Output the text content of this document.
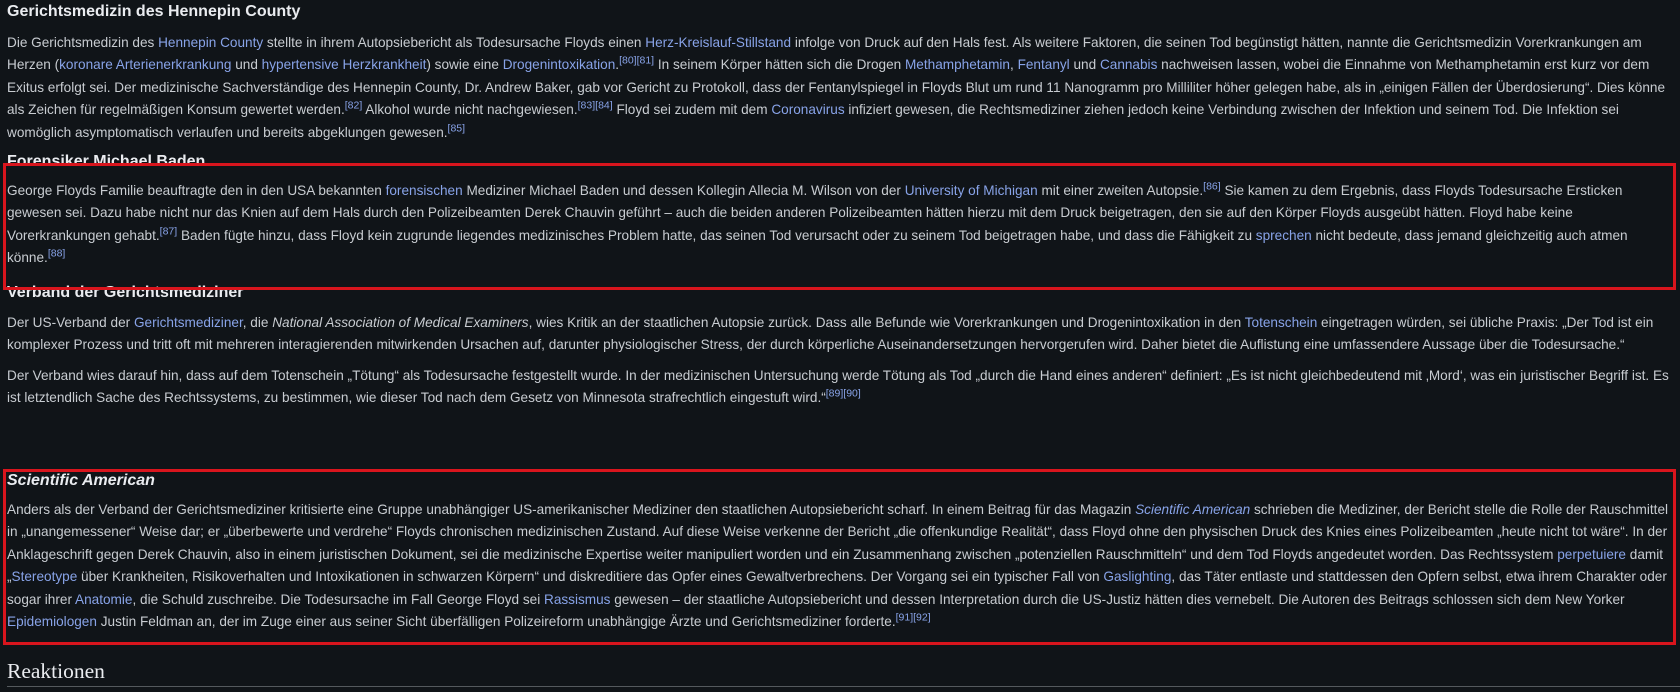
Gerichtsmedizin des Hennepin County

Die Gerichtsmedizin des Hennepin County stellte in ihrem Autopsiebericht als Todesursache Floyds einen Herz-Kreislauf-Stillstand infolge von Druck auf den Hals fest. Als weitere Faktoren, die seinen Tod begünstigt hätten, nannte die Gerichtsmedizin Vorerkrankungen am Herzen (koronare Arterienerkrankung und hypertensive Herzkrankheit) sowie eine Drogenintoxikation.[80][81] In seinem Körper hätten sich die Drogen Methamphetamin, Fentanyl und Cannabis nachweisen lassen, wobei die Einnahme von Methamphetamin erst kurz vor dem Exitus erfolgt sei. Der medizinische Sachverständige des Hennepin County, Dr. Andrew Baker, gab vor Gericht zu Protokoll, dass der Fentanylspiegel in Floyds Blut um rund 11 Nanogramm pro Milliliter höher gelegen habe, als in „einigen Fällen der Überdosierung“. Dies könne als Zeichen für regelmäßigen Konsum gewertet werden.[82] Alkohol wurde nicht nachgewiesen.[83][84] Floyd sei zudem mit dem Coronavirus infiziert gewesen, die Rechtsmediziner ziehen jedoch keine Verbindung zwischen der Infektion und seinem Tod. Die Infektion sei womöglich asymptomatisch verlaufen und bereits abgeklungen gewesen.[85]

Forensiker Michael Baden

George Floyds Familie beauftragte den in den USA bekannten forensischen Mediziner Michael Baden und dessen Kollegin Allecia M. Wilson von der University of Michigan mit einer zweiten Autopsie.[86] Sie kamen zu dem Ergebnis, dass Floyds Todesursache Ersticken gewesen sei. Dazu habe nicht nur das Knien auf dem Hals durch den Polizeibeamten Derek Chauvin geführt – auch die beiden anderen Polizeibeamten hätten hierzu mit dem Druck beigetragen, den sie auf den Körper Floyds ausgeübt hätten. Floyd habe keine Vorerkrankungen gehabt.[87] Baden fügte hinzu, dass Floyd kein zugrunde liegendes medizinisches Problem hatte, das seinen Tod verursacht oder zu seinem Tod beigetragen habe, und dass die Fähigkeit zu sprechen nicht bedeute, dass jemand gleichzeitig auch atmen könne.[88]

Verband der Gerichtsmediziner

Der US-Verband der Gerichtsmediziner, die National Association of Medical Examiners, wies Kritik an der staatlichen Autopsie zurück. Dass alle Befunde wie Vorerkrankungen und Drogenintoxikation in den Totenschein eingetragen würden, sei übliche Praxis: „Der Tod ist ein komplexer Prozess und tritt oft mit mehreren interagierenden mitwirkenden Ursachen auf, darunter physiologischer Stress, der durch körperliche Auseinandersetzungen hervorgerufen wird. Daher bietet die Auflistung eine umfassendere Aussage über die Todesursache.“

Der Verband wies darauf hin, dass auf dem Totenschein „Tötung“ als Todesursache festgestellt wurde. In der medizinischen Untersuchung werde Tötung als Tod „durch die Hand eines anderen“ definiert: „Es ist nicht gleichbedeutend mit ‚Mord‘, was ein juristischer Begriff ist. Es ist letztendlich Sache des Rechtssystems, zu bestimmen, wie dieser Tod nach dem Gesetz von Minnesota strafrechtlich eingestuft wird.“[89][90]

Scientific American

Anders als der Verband der Gerichtsmediziner kritisierte eine Gruppe unabhängiger US-amerikanischer Mediziner den staatlichen Autopsiebericht scharf. In einem Beitrag für das Magazin Scientific American schrieben die Mediziner, der Bericht stelle die Rolle der Rauschmittel in „unangemessener“ Weise dar; er „überbewerte und verdrehe“ Floyds chronischen medizinischen Zustand. Auf diese Weise verkenne der Bericht „die offenkundige Realität“, dass Floyd ohne den physischen Druck des Knies eines Polizeibeamten „heute nicht tot wäre“. In der Anklageschrift gegen Derek Chauvin, also in einem juristischen Dokument, sei die medizinische Expertise weiter manipuliert worden und ein Zusammenhang zwischen „potenziellen Rauschmitteln“ und dem Tod Floyds angedeutet worden. Das Rechtssystem perpetuiere damit „Stereotype über Krankheiten, Risikoverhalten und Intoxikationen in schwarzen Körpern“ und diskreditiere das Opfer eines Gewaltverbrechens. Der Vorgang sei ein typischer Fall von Gaslighting, das Täter entlaste und stattdessen den Opfern selbst, etwa ihrem Charakter oder sogar ihrer Anatomie, die Schuld zuschreibe. Die Todesursache im Fall George Floyd sei Rassismus gewesen – der staatliche Autopsiebericht und dessen Interpretation durch die US-Justiz hätten dies vernebelt. Die Autoren des Beitrags schlossen sich dem New Yorker Epidemiologen Justin Feldman an, der im Zuge einer aus seiner Sicht überfälligen Polizeireform unabhängige Ärzte und Gerichtsmediziner forderte.[91][92]

Reaktionen
